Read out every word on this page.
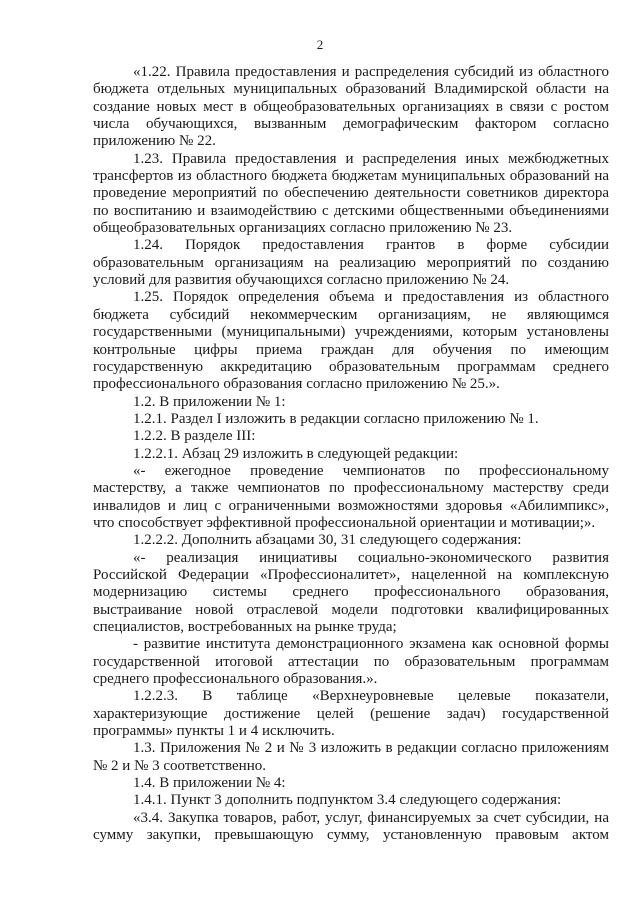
2
«1.22. Правила предоставления и распределения субсидий из областного
бюджета отдельных муниципальных образований Владимирской области на
создание новых мест в общеобразовательных организациях в связи с ростом
числа обучающихся, вызванным демографическим фактором согласно
приложению № 22.
1.23. Правила предоставления и распределения иных межбюджетных
трансфертов из областного бюджета бюджетам муниципальных образований на
проведение мероприятий по обеспечению деятельности советников директора
по воспитанию и взаимодействию с детскими общественными объединениями
общеобразовательных организациях согласно приложению № 23.
1.24. Порядок предоставления грантов в форме субсидии
образовательным организациям на реализацию мероприятий по созданию
условий для развития обучающихся согласно приложению № 24.
1.25. Порядок определения объема и предоставления из областного
бюджета субсидий некоммерческим организациям, не являющимся
государственными (муниципальными) учреждениями, которым установлены
контрольные цифры приема граждан для обучения по имеющим
государственную аккредитацию образовательным программам среднего
профессионального образования согласно приложению № 25.».
1.2. В приложении № 1:
1.2.1. Раздел I изложить в редакции согласно приложению № 1.
1.2.2. В разделе III:
1.2.2.1. Абзац 29 изложить в следующей редакции:
«- ежегодное проведение чемпионатов по профессиональному
мастерству, а также чемпионатов по профессиональному мастерству среди
инвалидов и лиц с ограниченными возможностями здоровья «Абилимпикс»,
что способствует эффективной профессиональной ориентации и мотивации;».
1.2.2.2. Дополнить абзацами 30, 31 следующего содержания:
«- реализация инициативы социально-экономического развития
Российской Федерации «Профессионалитет», нацеленной на комплексную
модернизацию системы среднего профессионального образования,
выстраивание новой отраслевой модели подготовки квалифицированных
специалистов, востребованных на рынке труда;
- развитие института демонстрационного экзамена как основной формы
государственной итоговой аттестации по образовательным программам
среднего профессионального образования.».
1.2.2.3. В таблице «Верхнеуровневые целевые показатели,
характеризующие достижение целей (решение задач) государственной
программы» пункты 1 и 4 исключить.
1.3. Приложения № 2 и № 3 изложить в редакции согласно приложениям
№ 2 и № 3 соответственно.
1.4. В приложении № 4:
1.4.1. Пункт 3 дополнить подпунктом 3.4 следующего содержания:
«3.4. Закупка товаров, работ, услуг, финансируемых за счет субсидии, на
сумму закупки, превышающую сумму, установленную правовым актом
